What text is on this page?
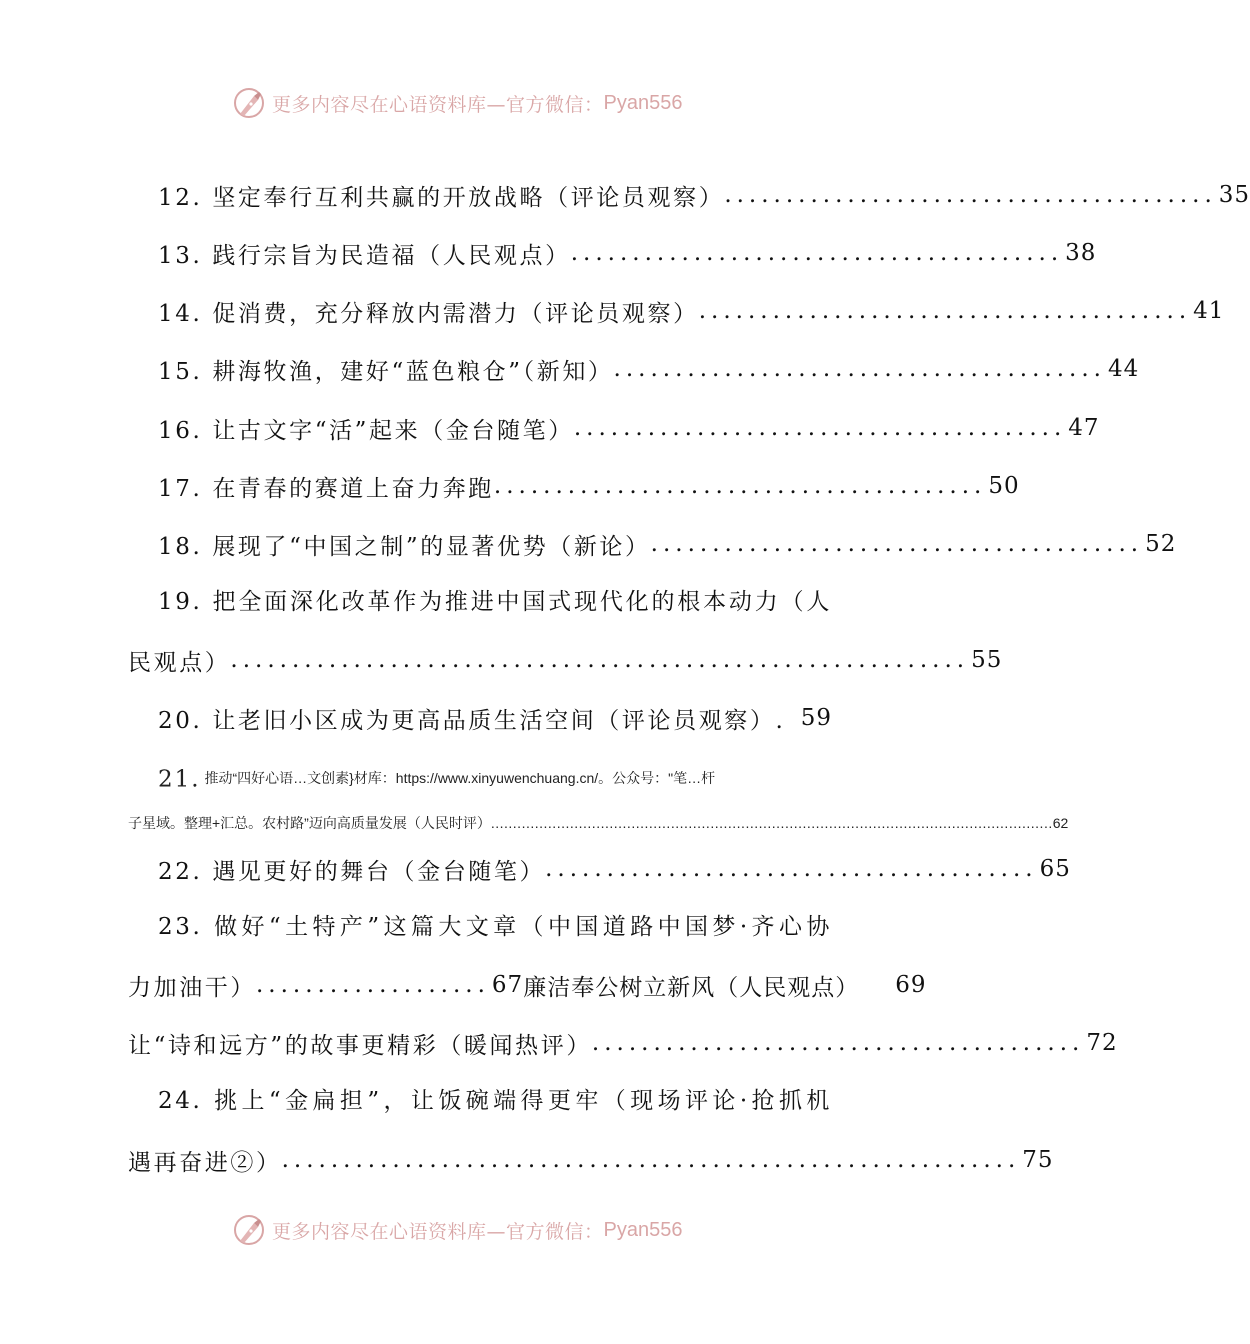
更多内容尽在心语资料库—官方微信： Pyan556
12. 坚定奉行互利共赢的开放战略（评论员观察） ........................................ 35
13. 践行宗旨为民造福（人民观点） ........................................ 38
14. 促消费，充分释放内需潜力（评论员观察） ........................................ 41
15. 耕海牧渔，建好“蓝色粮仓”（新知） ........................................ 44
16. 让古文字“活”起来（金台随笔） ........................................ 47
17. 在青春的赛道上奋力奔跑 ........................................ 50
18. 展现了“中国之制”的显著优势（新论） ........................................ 52
19. 把全面深化改革作为推进中国式现代化的根本动力（人
民观点） ............................................................ 55
20. 让老旧小区成为更高品质生活空间（评论员观察）. 59
21. 推动“四好心语…文创素}材库：https://www.xinyuwenchuang.cn/。公众号："笔…杆
子星域。整理+汇总。农村路”迈向高质量发展（人民时评） ................................................................................................................................ 62
22. 遇见更好的舞台（金台随笔） ........................................ 65
23. 做好“土特产”这篇大文章（中国道路中国梦·齐心协
力加油干） ................... 67 廉洁奉公树立新风（人民观点） 69
让“诗和远方”的故事更精彩（暖闻热评） ........................................ 72
24. 挑上“金扁担”，让饭碗端得更牢（现场评论·抢抓机
遇再奋进②） ............................................................ 75
更多内容尽在心语资料库—官方微信： Pyan556
